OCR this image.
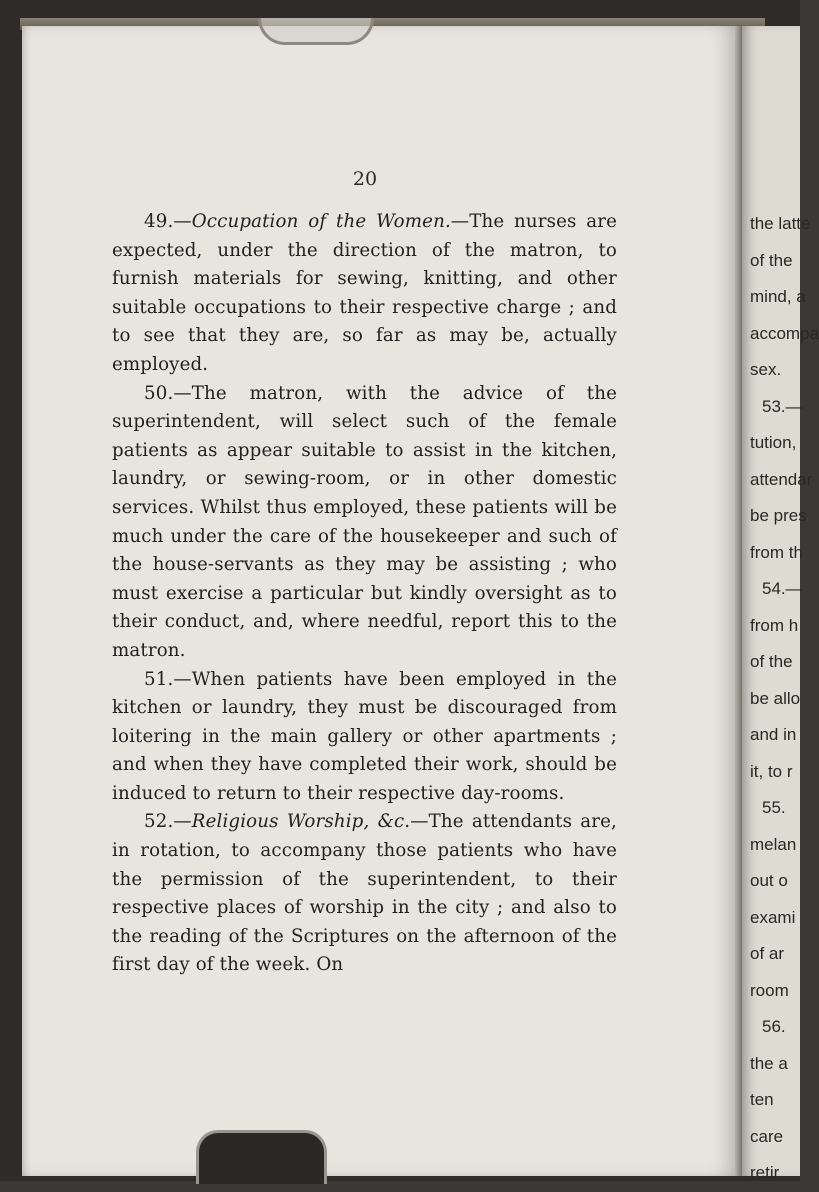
the latte
of the
mind, a
accompa
sex.
53.—
tution,
attendar
be pres
from th
54.—
from h
of the
be allo
and in
it, to r
55.
melan
out o
exami
of ar
room
56.
the a
ten
care
retir
20

49.—Occupation of the Women.—The nurses are expected, under the direction of the matron, to furnish materials for sewing, knitting, and other suitable occupations to their respective charge ; and to see that they are, so far as may be, actually employed.

50.—The matron, with the advice of the superintendent, will select such of the female patients as appear suitable to assist in the kitchen, laundry, or sewing-room, or in other domestic services. Whilst thus employed, these patients will be much under the care of the housekeeper and such of the house-servants as they may be assisting ; who must exercise a particular but kindly oversight as to their conduct, and, where needful, report this to the matron.

51.—When patients have been employed in the kitchen or laundry, they must be discouraged from loitering in the main gallery or other apartments ; and when they have completed their work, should be induced to return to their respective day-rooms.

52.—Religious Worship, &c.—The attendants are, in rotation, to accompany those patients who have the permission of the superintendent, to their respective places of worship in the city ; and also to the reading of the Scriptures on the afternoon of the first day of the week. On
